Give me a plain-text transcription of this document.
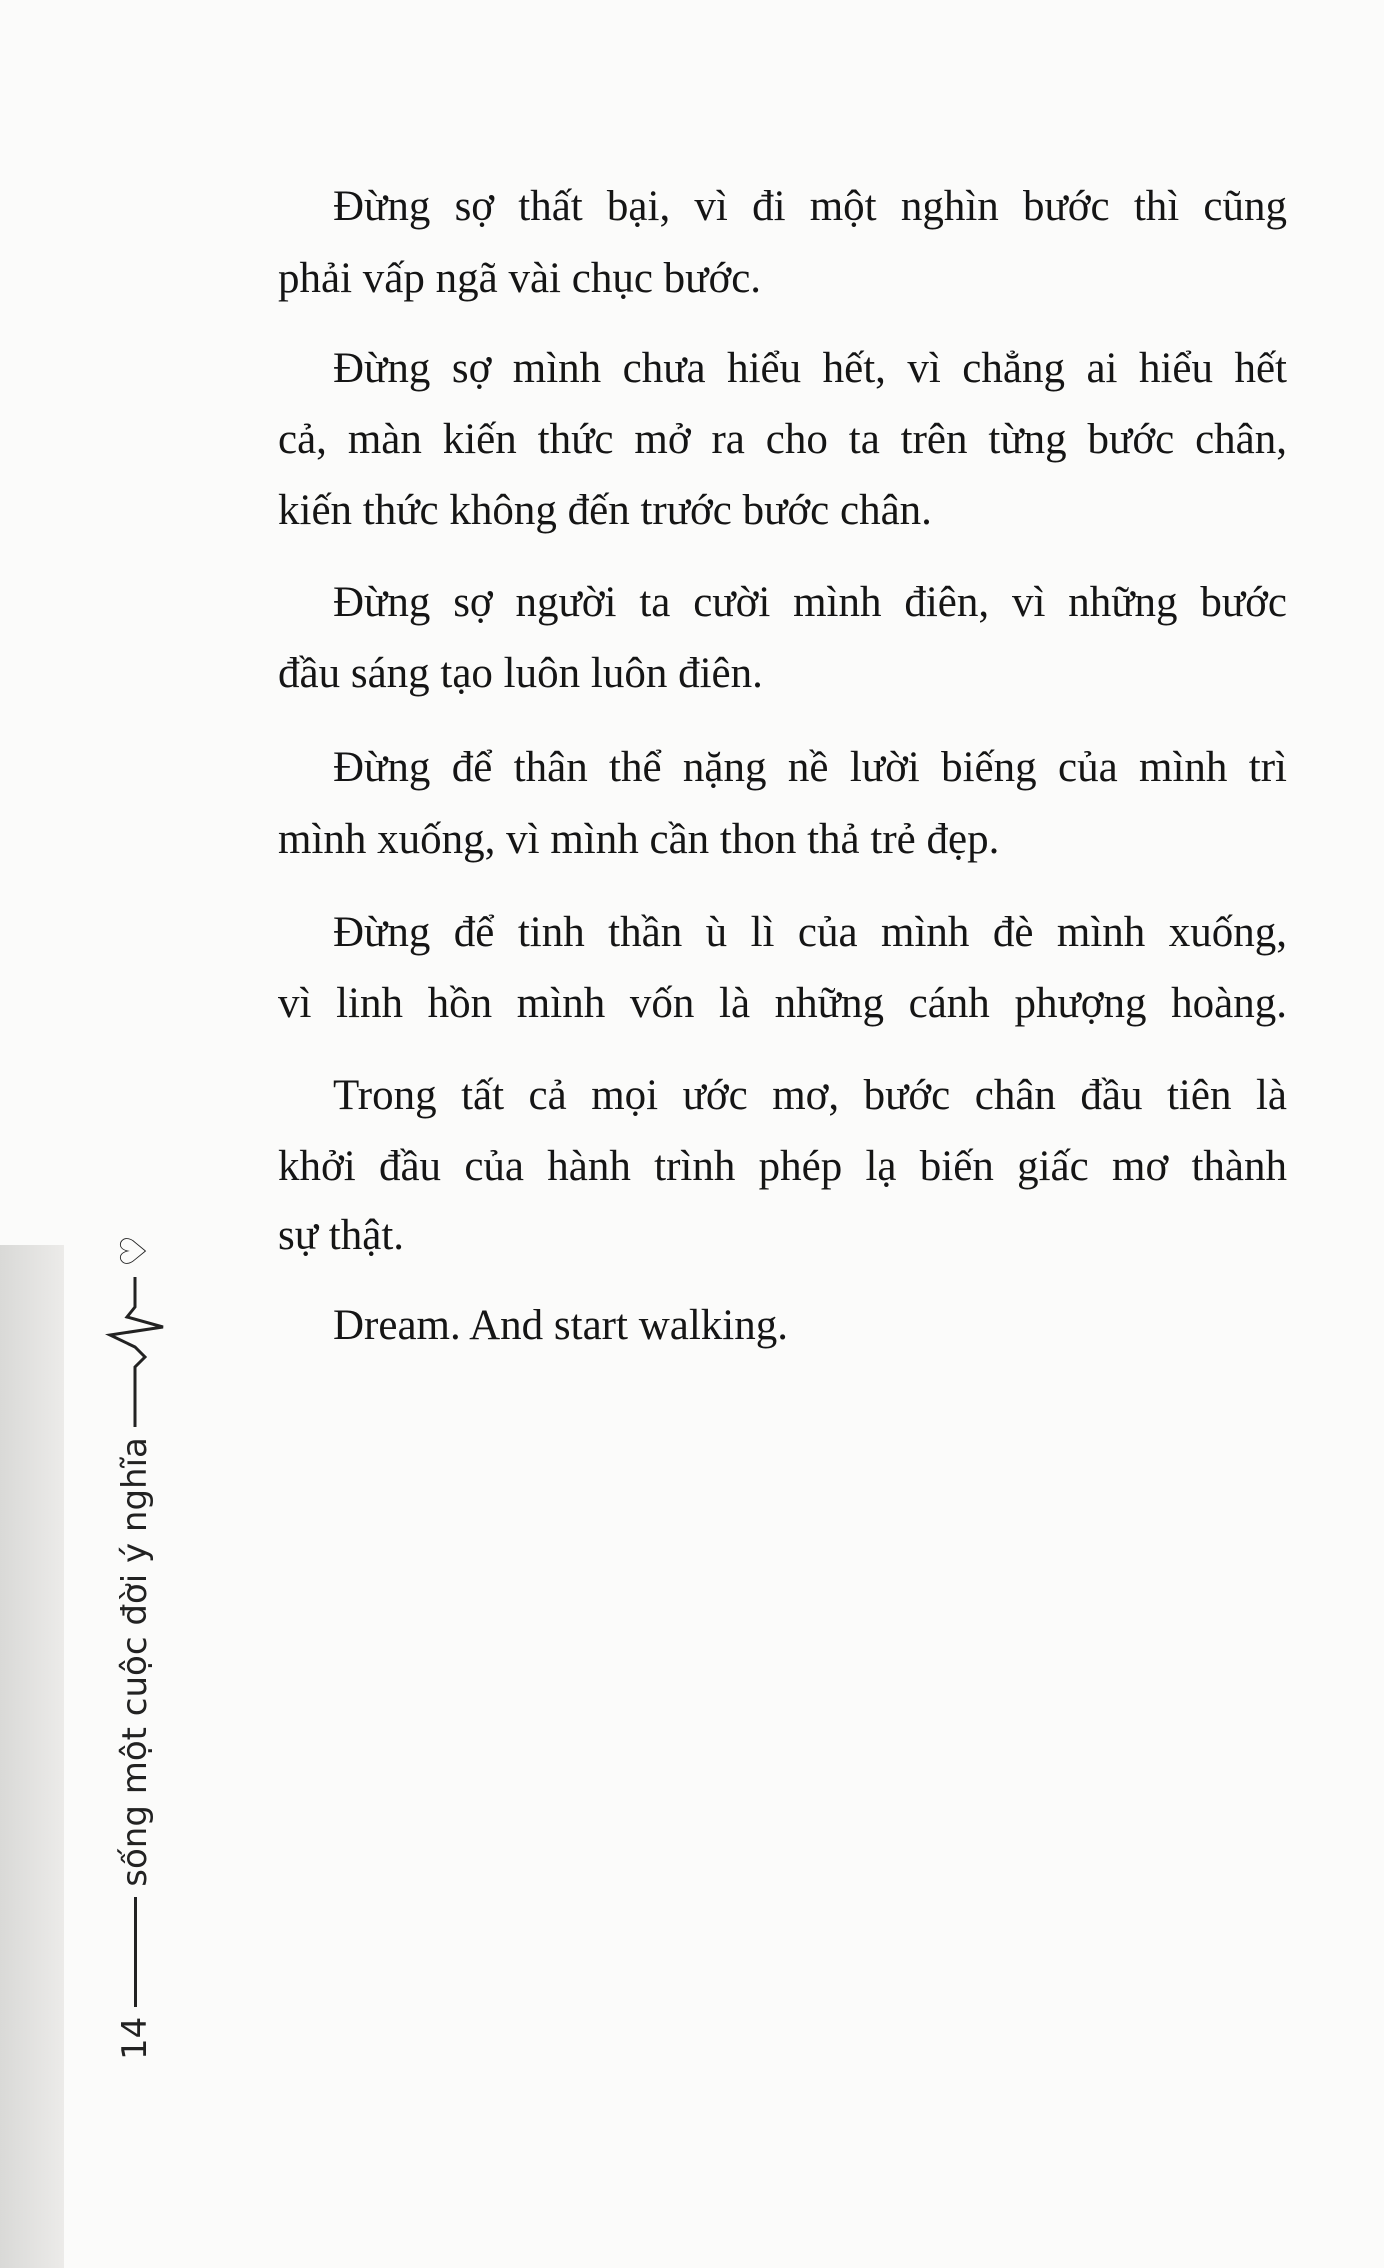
14
sống một cuộc đời ý nghĩa
♡
Đừng sợ thất bại, vì đi một nghìn bước thì cũng
phải vấp ngã vài chục bước.
Đừng sợ mình chưa hiểu hết, vì chẳng ai hiểu hết
cả, màn kiến thức mở ra cho ta trên từng bước chân,
kiến thức không đến trước bước chân.
Đừng sợ người ta cười mình điên, vì những bước
đầu sáng tạo luôn luôn điên.
Đừng để thân thể nặng nề lười biếng của mình trì
mình xuống, vì mình cần thon thả trẻ đẹp.
Đừng để tinh thần ù lì của mình đè mình xuống,
vì linh hồn mình vốn là những cánh phượng hoàng.
Trong tất cả mọi ước mơ, bước chân đầu tiên là
khởi đầu của hành trình phép lạ biến giấc mơ thành
sự thật.
Dream. And start walking.
